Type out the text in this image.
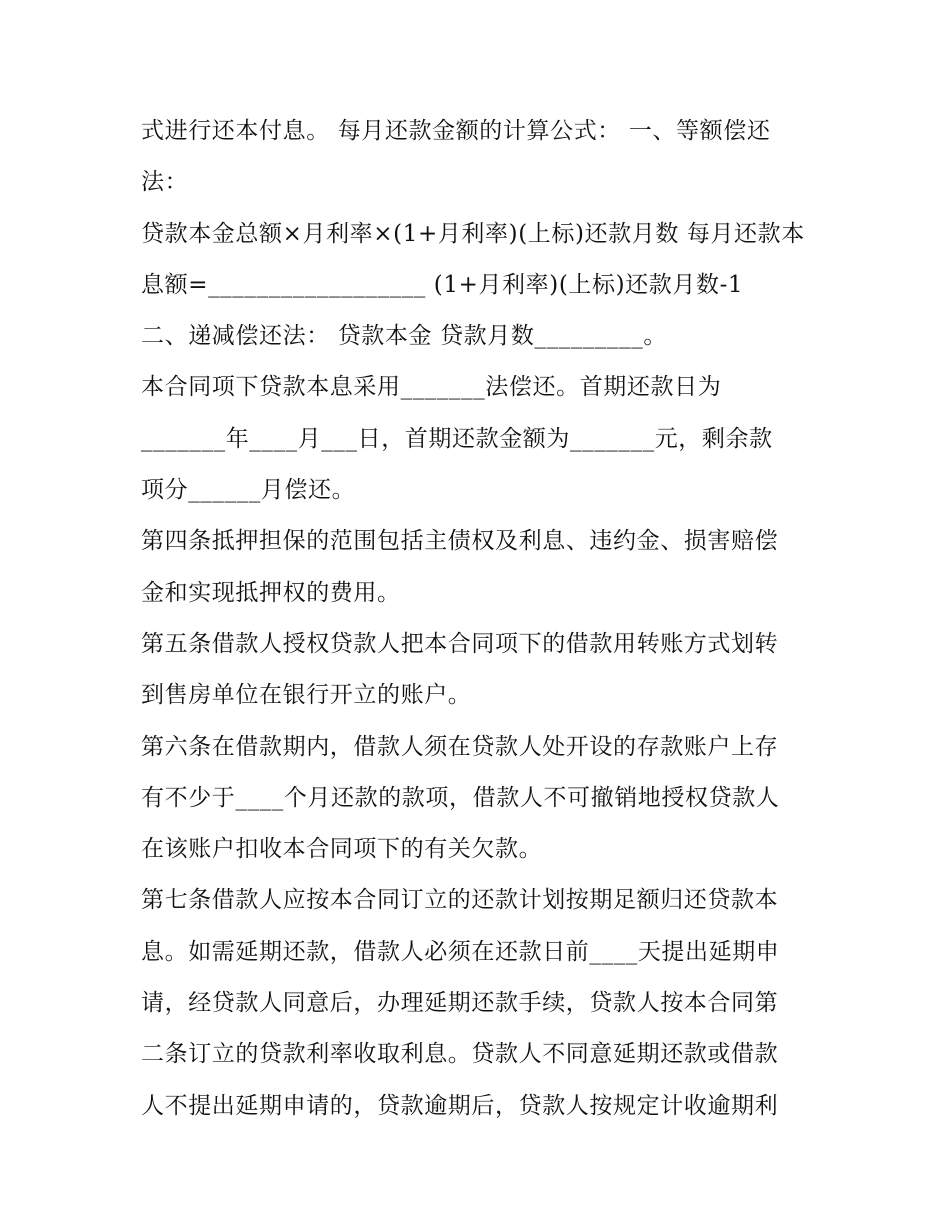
式进行还本付息。 每月还款金额的计算公式： 一、等额偿还
法：
贷款本金总额×月利率×(1+月利率)(上标)还款月数 每月还款本
息额=__________________ (1+月利率)(上标)还款月数-1
二、递减偿还法： 贷款本金 贷款月数_________。
本合同项下贷款本息采用_______法偿还。首期还款日为
_______年____月___日，首期还款金额为_______元，剩余款
项分______月偿还。
第四条抵押担保的范围包括主债权及利息、违约金、损害赔偿
金和实现抵押权的费用。
第五条借款人授权贷款人把本合同项下的借款用转账方式划转
到售房单位在银行开立的账户。
第六条在借款期内，借款人须在贷款人处开设的存款账户上存
有不少于____个月还款的款项，借款人不可撤销地授权贷款人
在该账户扣收本合同项下的有关欠款。
第七条借款人应按本合同订立的还款计划按期足额归还贷款本
息。如需延期还款，借款人必须在还款日前____天提出延期申
请，经贷款人同意后，办理延期还款手续，贷款人按本合同第
二条订立的贷款利率收取利息。贷款人不同意延期还款或借款
人不提出延期申请的，贷款逾期后，贷款人按规定计收逾期利
